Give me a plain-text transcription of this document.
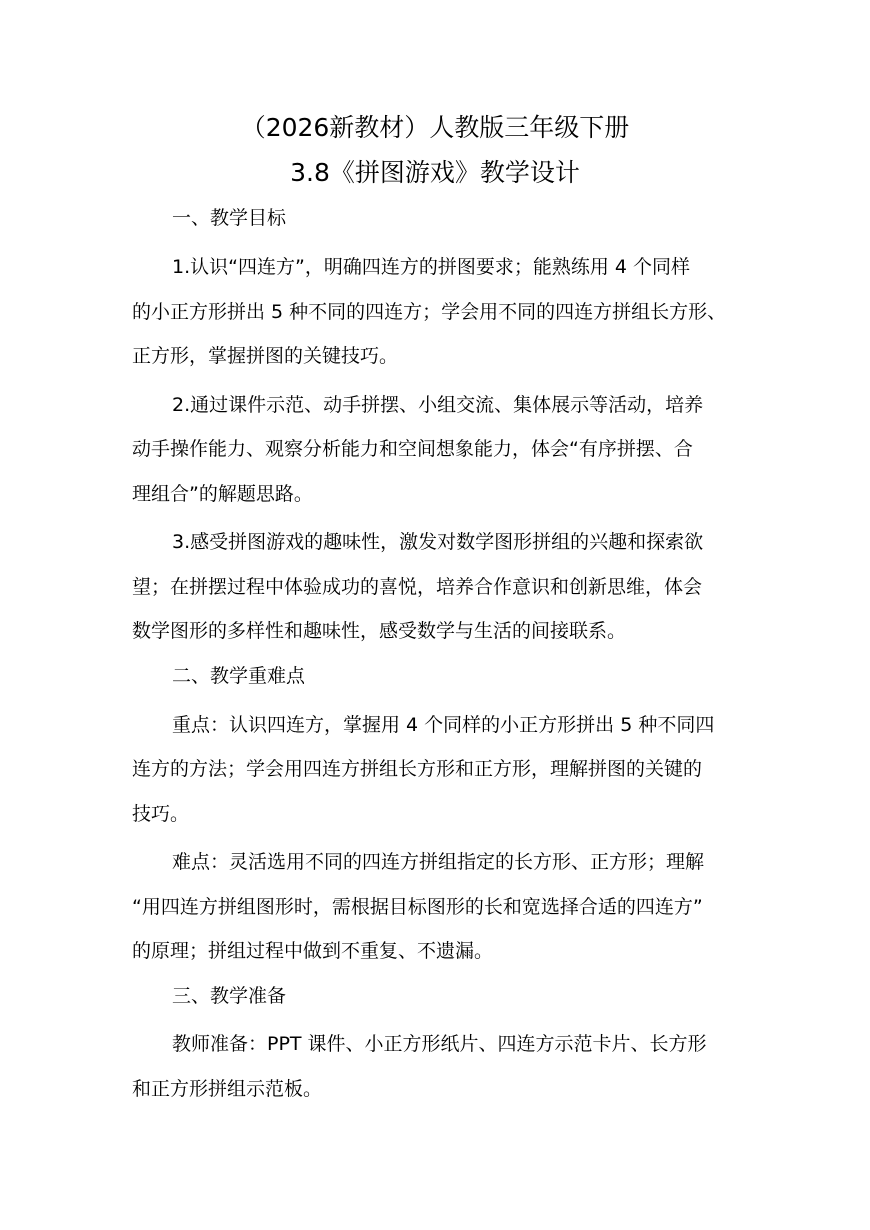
（2026新教材）人教版三年级下册
3.8《拼图游戏》教学设计
一、教学目标
1.认识“四连方”，明确四连方的拼图要求；能熟练用 4 个同样
的小正方形拼出 5 种不同的四连方；学会用不同的四连方拼组长方形、
正方形，掌握拼图的关键技巧。
2.通过课件示范、动手拼摆、小组交流、集体展示等活动，培养
动手操作能力、观察分析能力和空间想象能力，体会“有序拼摆、合
理组合”的解题思路。
3.感受拼图游戏的趣味性，激发对数学图形拼组的兴趣和探索欲
望；在拼摆过程中体验成功的喜悦，培养合作意识和创新思维，体会
数学图形的多样性和趣味性，感受数学与生活的间接联系。
二、教学重难点
重点：认识四连方，掌握用 4 个同样的小正方形拼出 5 种不同四
连方的方法；学会用四连方拼组长方形和正方形，理解拼图的关键的
技巧。
难点：灵活选用不同的四连方拼组指定的长方形、正方形；理解
“用四连方拼组图形时，需根据目标图形的长和宽选择合适的四连方”
的原理；拼组过程中做到不重复、不遗漏。
三、教学准备
教师准备：PPT 课件、小正方形纸片、四连方示范卡片、长方形
和正方形拼组示范板。
